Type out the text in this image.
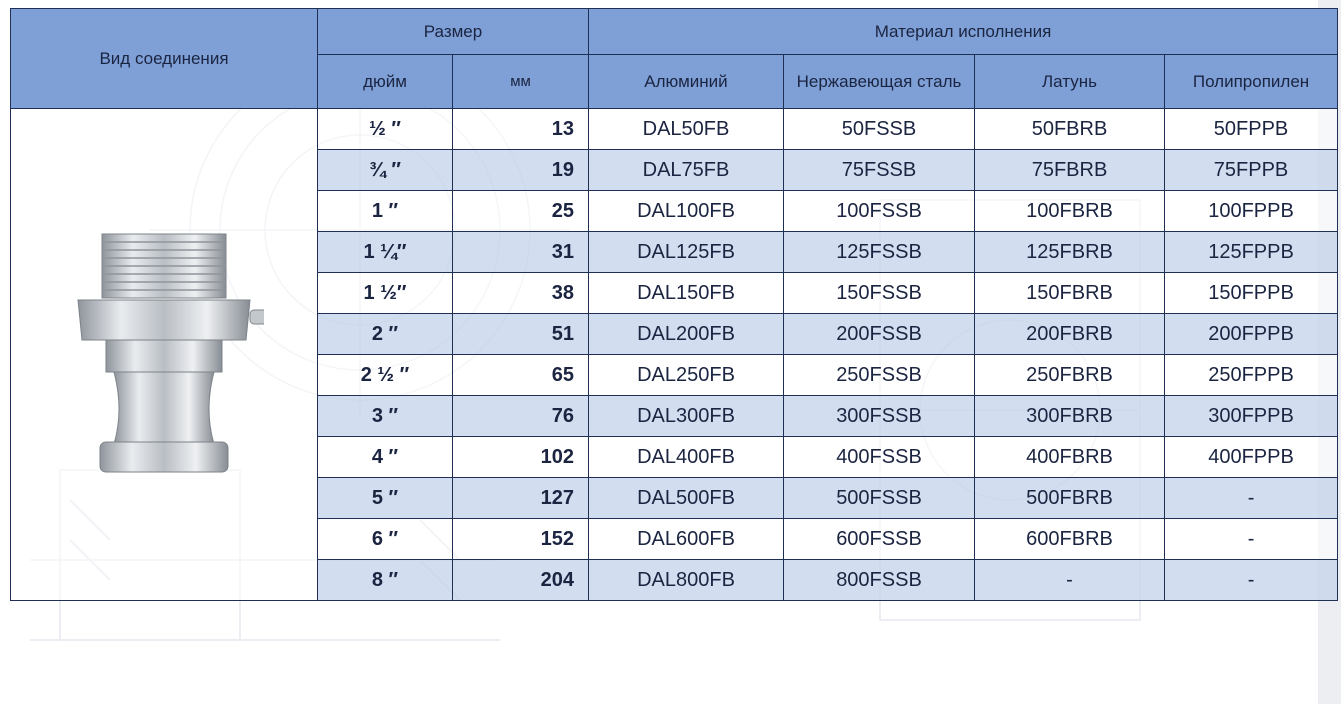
Вид соединения	Размер		Материал исполнения			
	дюйм	мм	Алюминий	Нержавеющая сталь	Латунь	Полипропилен

	½ ″	13	DAL50FB	50FSSB	50FBRB	50FPPB
	¾ ″	19	DAL75FB	75FSSB	75FBRB	75FPPB
	1 ″	25	DAL100FB	100FSSB	100FBRB	100FPPB
	1 ¼″	31	DAL125FB	125FSSB	125FBRB	125FPPB
	1 ½″	38	DAL150FB	150FSSB	150FBRB	150FPPB
	2 ″	51	DAL200FB	200FSSB	200FBRB	200FPPB
	2 ½ ″	65	DAL250FB	250FSSB	250FBRB	250FPPB
	3 ″	76	DAL300FB	300FSSB	300FBRB	300FPPB
	4 ″	102	DAL400FB	400FSSB	400FBRB	400FPPB
	5 ″	127	DAL500FB	500FSSB	500FBRB	-
	6 ″	152	DAL600FB	600FSSB	600FBRB	-
	8 ″	204	DAL800FB	800FSSB	-	-
